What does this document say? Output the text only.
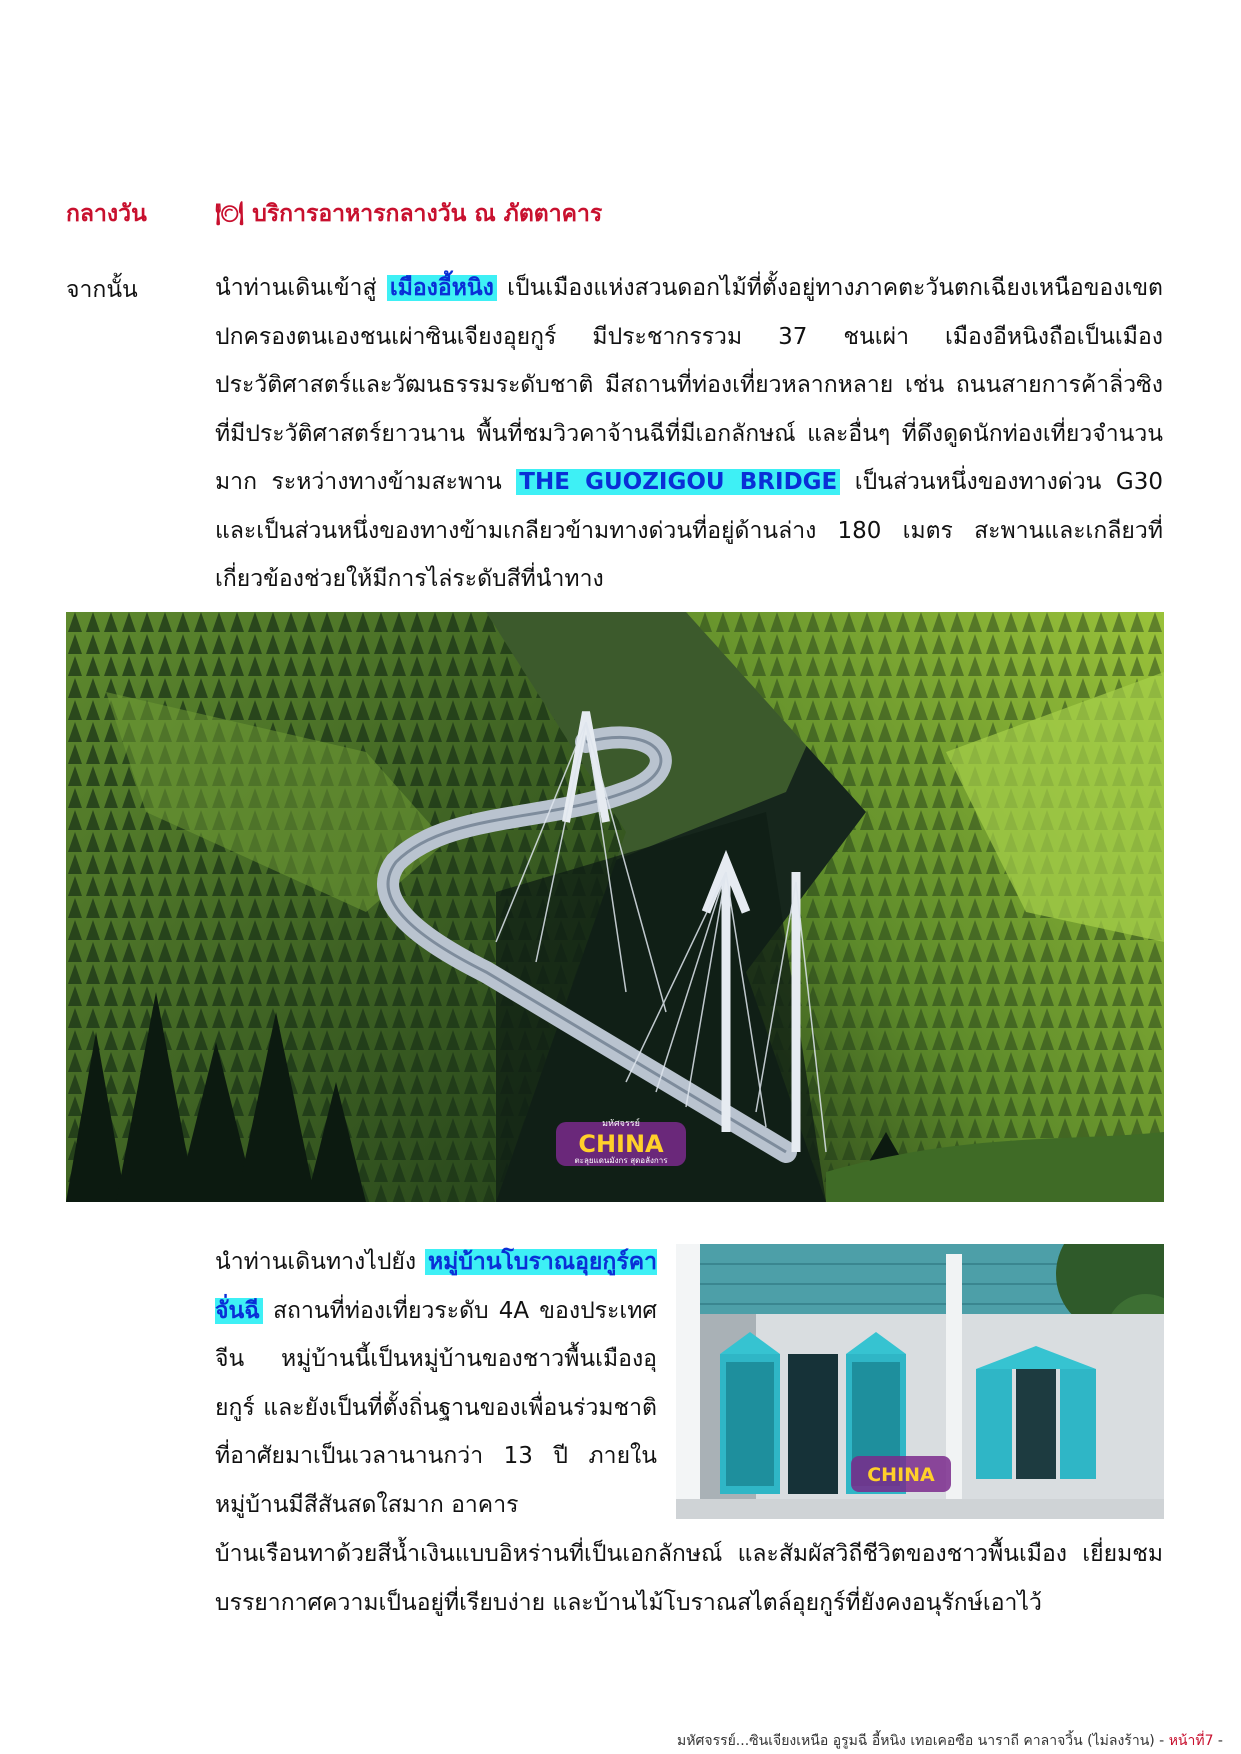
กลางวัน	🍽︎ บริการอาหารกลางวัน ณ ภัตตาคาร
จากนั้น	นำท่านเดินเข้าสู่ เมืองอี้หนิง เป็นเมืองแห่งสวนดอกไม้ที่ตั้งอยู่ทางภาคตะวันตกเฉียงเหนือของเขตปกครองตนเองชนเผ่าซินเจียงอุยกูร์ มีประชากรรวม 37 ชนเผ่า เมืองอีหนิงถือเป็นเมืองประวัติศาสตร์และวัฒนธรรมระดับชาติ มีสถานที่ท่องเที่ยวหลากหลาย เช่น ถนนสายการค้าลิ่วซิงที่มีประวัติศาสตร์ยาวนาน พื้นที่ชมวิวคาจ้านฉีที่มีเอกลักษณ์ และอื่นๆ ที่ดึงดูดนักท่องเที่ยวจำนวนมาก ระหว่างทางข้ามสะพาน THE GUOZIGOU BRIDGE เป็นส่วนหนึ่งของทางด่วน G30 และเป็นส่วนหนึ่งของทางข้ามเกลียวข้ามทางด่วนที่อยู่ด้านล่าง 180 เมตร สะพานและเกลียวที่เกี่ยวข้องช่วยให้มีการไล่ระดับสีที่นำทาง
CHINA
มหัศจรรย์
ตะลุยแดนมังกร สุดอลังการ
นำท่านเดินทางไปยัง หมู่บ้านโบราณอุยกูร์คาจั่นฉี สถานที่ท่องเที่ยวระดับ 4A ของประเทศจีน หมู่บ้านนี้เป็นหมู่บ้านของชาวพื้นเมืองอุยกูร์ และยังเป็นที่ตั้งถิ่นฐานของเพื่อนร่วมชาติที่อาศัยมาเป็นเวลานานกว่า 13 ปี ภายในหมู่บ้านมีสีสันสดใสมาก อาคาร
CHINA
บ้านเรือนทาด้วยสีน้ำเงินแบบอิหร่านที่เป็นเอกลักษณ์ และสัมผัสวิถีชีวิตของชาวพื้นเมือง เยี่ยมชมบรรยากาศความเป็นอยู่ที่เรียบง่าย และบ้านไม้โบราณสไตล์อุยกูร์ที่ยังคงอนุรักษ์เอาไว้
มหัศจรรย์...ซินเจียงเหนือ อูรูมฉี อี้หนิง เทอเคอซือ นาราถี คาลาจวิ้น (ไม่ลงร้าน) - หน้าที่7 -
